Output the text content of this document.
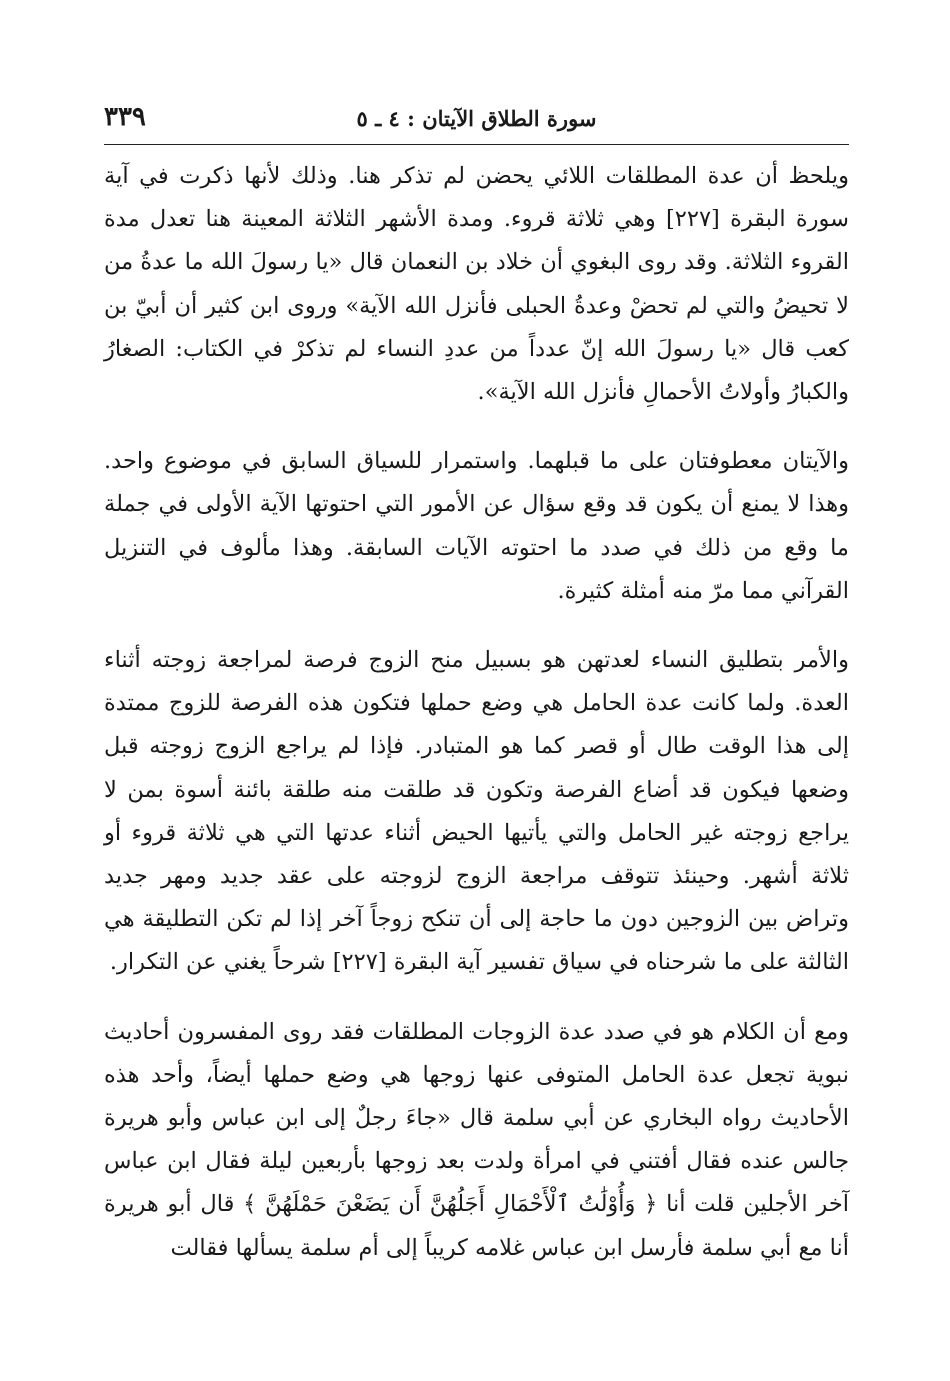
سورة الطلاق الآيتان : ٤ ـ ٥
٣٣٩

ويلحظ أن عدة المطلقات اللائي يحضن لم تذكر هنا. وذلك لأنها ذكرت في آية سورة البقرة [٢٢٧] وهي ثلاثة قروء. ومدة الأشهر الثلاثة المعينة هنا تعدل مدة القروء الثلاثة. وقد روى البغوي أن خلاد بن النعمان قال «يا رسولَ الله ما عدةُ من لا تحيضُ والتي لم تحضْ وعدةُ الحبلى فأنزل الله الآية» وروى ابن كثير أن أبيّ بن كعب قال «يا رسولَ الله إنّ عدداً من عددِ النساء لم تذكرْ في الكتاب: الصغارُ والكبارُ وأولاتُ الأحمالِ فأنزل الله الآية».

والآيتان معطوفتان على ما قبلهما. واستمرار للسياق السابق في موضوع واحد. وهذا لا يمنع أن يكون قد وقع سؤال عن الأمور التي احتوتها الآية الأولى في جملة ما وقع من ذلك في صدد ما احتوته الآيات السابقة. وهذا مألوف في التنزيل القرآني مما مرّ منه أمثلة كثيرة.

والأمر بتطليق النساء لعدتهن هو بسبيل منح الزوج فرصة لمراجعة زوجته أثناء العدة. ولما كانت عدة الحامل هي وضع حملها فتكون هذه الفرصة للزوج ممتدة إلى هذا الوقت طال أو قصر كما هو المتبادر. فإذا لم يراجع الزوج زوجته قبل وضعها فيكون قد أضاع الفرصة وتكون قد طلقت منه طلقة بائنة أسوة بمن لا يراجع زوجته غير الحامل والتي يأتيها الحيض أثناء عدتها التي هي ثلاثة قروء أو ثلاثة أشهر. وحينئذ تتوقف مراجعة الزوج لزوجته على عقد جديد ومهر جديد وتراض بين الزوجين دون ما حاجة إلى أن تنكح زوجاً آخر إذا لم تكن التطليقة هي الثالثة على ما شرحناه في سياق تفسير آية البقرة [٢٢٧] شرحاً يغني عن التكرار.

ومع أن الكلام هو في صدد عدة الزوجات المطلقات فقد روى المفسرون أحاديث نبوية تجعل عدة الحامل المتوفى عنها زوجها هي وضع حملها أيضاً، وأحد هذه الأحاديث رواه البخاري عن أبي سلمة قال «جاءَ رجلٌ إلى ابن عباس وأبو هريرة جالس عنده فقال أفتني في امرأة ولدت بعد زوجها بأربعين ليلة فقال ابن عباس آخر الأجلين قلت أنا ﴿ وَأُوْلَٰتُ ٱلْأَحْمَالِ أَجَلُهُنَّ أَن يَضَعْنَ حَمْلَهُنَّ ﴾ قال أبو هريرة أنا مع أبي سلمة فأرسل ابن عباس غلامه كريباً إلى أم سلمة يسألها فقالت
